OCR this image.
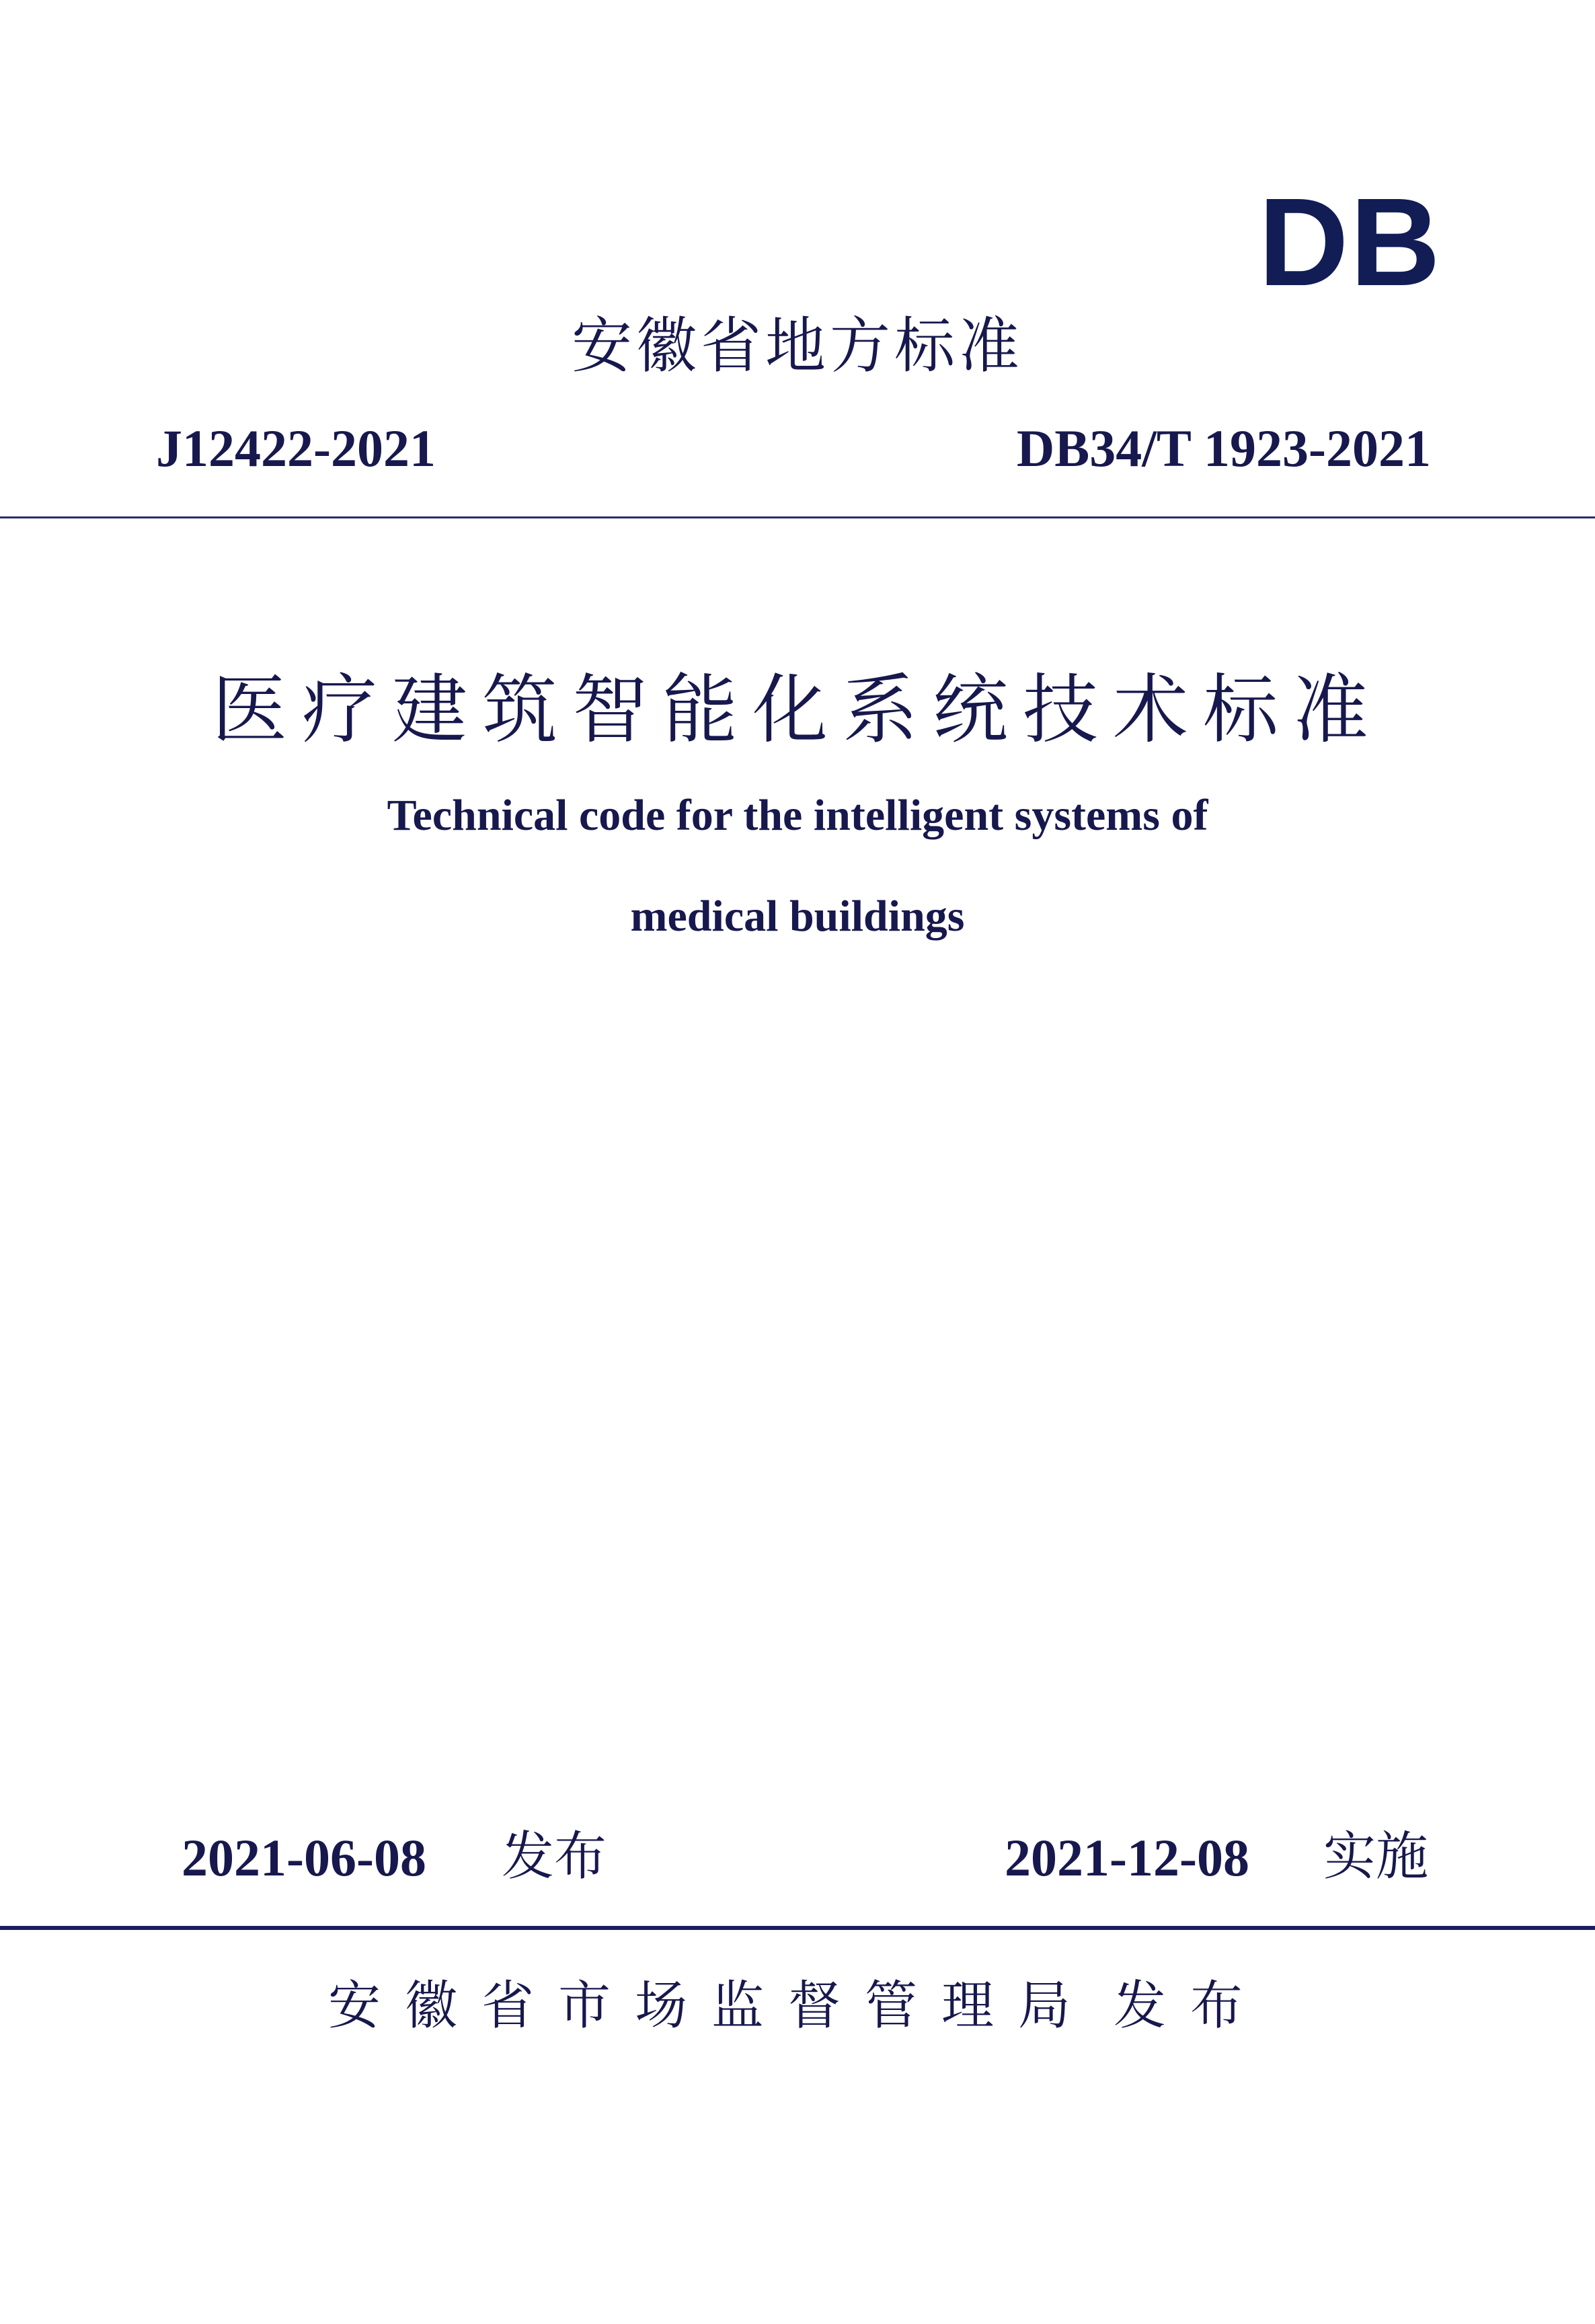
DB
安徽省地方标准
J12422-2021	DB34/T 1923-2021
医疗建筑智能化系统技术标准
Technical code for the intelligent systems of
medical buildings
2021-06-08 发布	2021-12-08 实施
安徽省市场监督管理局 发布
